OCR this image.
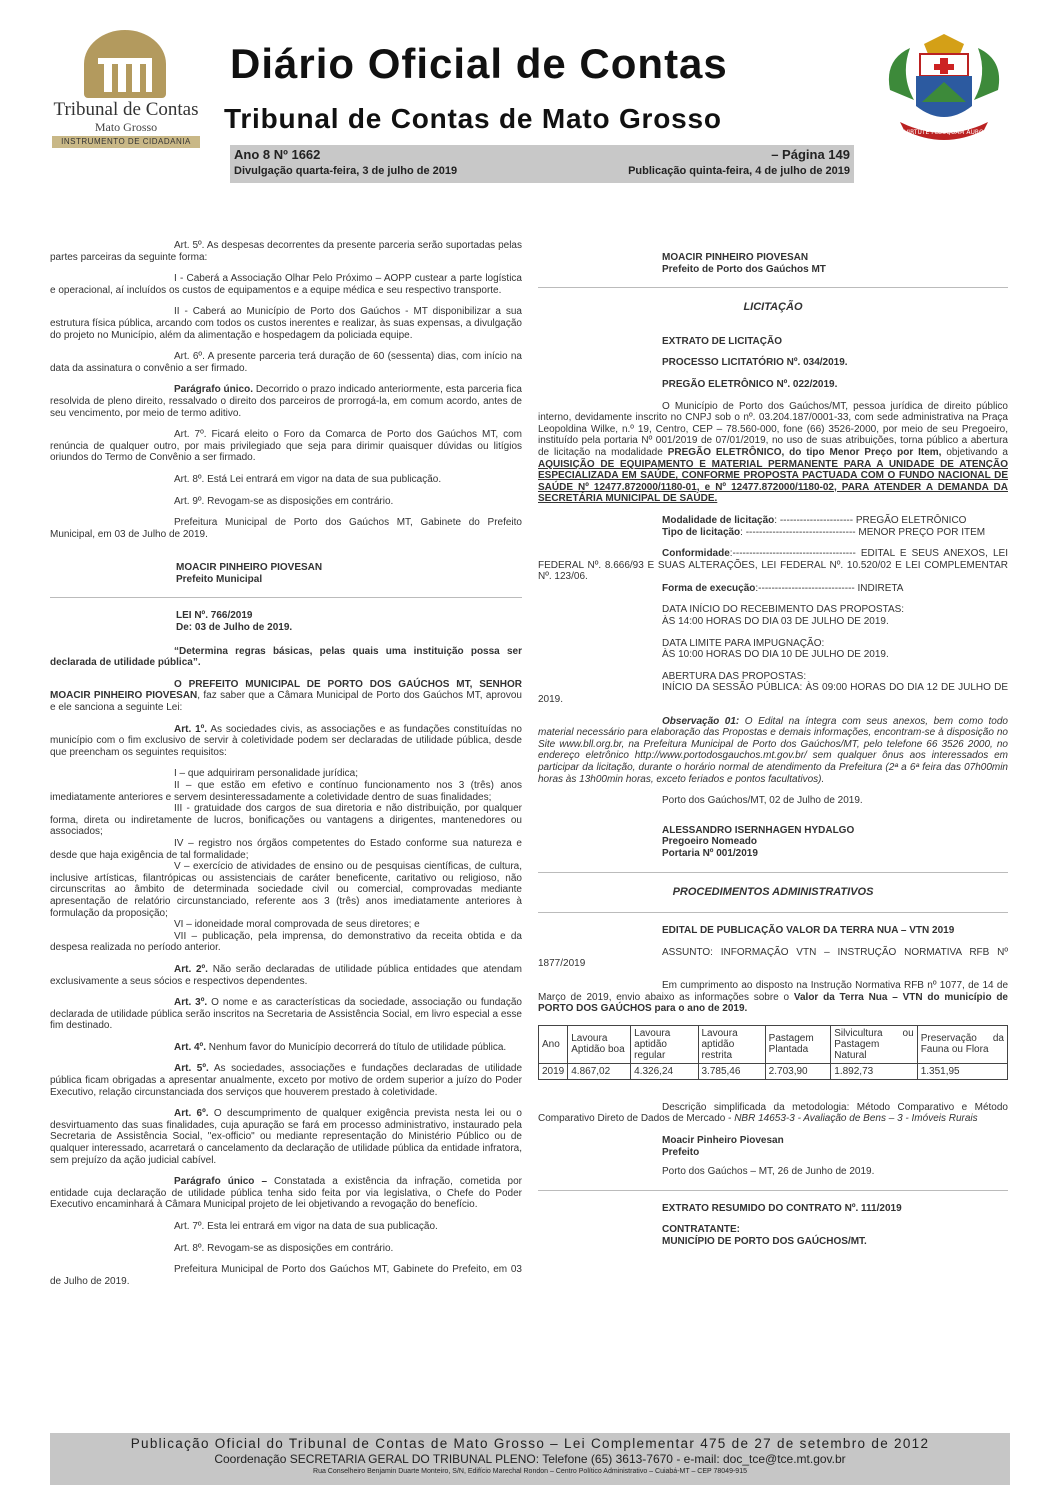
Tribunal de Contas
Mato Grosso
INSTRUMENTO DE CIDADANIA
Diário Oficial de Contas
Tribunal de Contas de Mato Grosso	VIRTUTE PLUSQUAM AURO
Ano 8 Nº 1662	– Página 149
Divulgação quarta-feira, 3 de julho de 2019	Publicação quinta-feira, 4 de julho de 2019

Art. 5º. As despesas decorrentes da presente parceria serão suportadas pelas partes parceiras da seguinte forma:

I - Caberá a Associação Olhar Pelo Próximo – AOPP custear a parte logística e operacional, aí incluídos os custos de equipamentos e a equipe médica e seu respectivo transporte.

II - Caberá ao Município de Porto dos Gaúchos - MT disponibilizar a sua estrutura física pública, arcando com todos os custos inerentes e realizar, às suas expensas, a divulgação do projeto no Município, além da alimentação e hospedagem da policiada equipe.

Art. 6º. A presente parceria terá duração de 60 (sessenta) dias, com início na data da assinatura o convênio a ser firmado.

Parágrafo único. Decorrido o prazo indicado anteriormente, esta parceria fica resolvida de pleno direito, ressalvado o direito dos parceiros de prorrogá-la, em comum acordo, antes de seu vencimento, por meio de termo aditivo.

Art. 7º. Ficará eleito o Foro da Comarca de Porto dos Gaúchos MT, com renúncia de qualquer outro, por mais privilegiado que seja para dirimir quaisquer dúvidas ou litígios oriundos do Termo de Convênio a ser firmado.

Art. 8º. Está Lei entrará em vigor na data de sua publicação.

Art. 9º. Revogam-se as disposições em contrário.

Prefeitura Municipal de Porto dos Gaúchos MT, Gabinete do Prefeito Municipal, em 03 de Julho de 2019.

MOACIR PINHEIRO PIOVESAN
Prefeito Municipal
LEI Nº. 766/2019
De: 03 de Julho de 2019.

“Determina regras básicas, pelas quais uma instituição possa ser declarada de utilidade pública”.

O PREFEITO MUNICIPAL DE PORTO DOS GAÚCHOS MT, SENHOR MOACIR PINHEIRO PIOVESAN, faz saber que a Câmara Municipal de Porto dos Gaúchos MT, aprovou e ele sanciona a seguinte Lei:

Art. 1º. As sociedades civis, as associações e as fundações constituídas no município com o fim exclusivo de servir à coletividade podem ser declaradas de utilidade pública, desde que preencham os seguintes requisitos:

I – que adquiriram personalidade jurídica;
II – que estão em efetivo e contínuo funcionamento nos 3 (três) anos imediatamente anteriores e servem desinteressadamente a coletividade dentro de suas finalidades;
III - gratuidade dos cargos de sua diretoria e não distribuição, por qualquer forma, direta ou indiretamente de lucros, bonificações ou vantagens a dirigentes, mantenedores ou associados;
IV – registro nos órgãos competentes do Estado conforme sua natureza e desde que haja exigência de tal formalidade;
V – exercício de atividades de ensino ou de pesquisas científicas, de cultura, inclusive artísticas, filantrópicas ou assistenciais de caráter beneficente, caritativo ou religioso, não circunscritas ao âmbito de determinada sociedade civil ou comercial, comprovadas mediante apresentação de relatório circunstanciado, referente aos 3 (três) anos imediatamente anteriores à formulação da proposição;
VI – idoneidade moral comprovada de seus diretores; e

VII – publicação, pela imprensa, do demonstrativo da receita obtida e da despesa realizada no período anterior.

Art. 2º. Não serão declaradas de utilidade pública entidades que atendam exclusivamente a seus sócios e respectivos dependentes.

Art. 3º. O nome e as características da sociedade, associação ou fundação declarada de utilidade pública serão inscritos na Secretaria de Assistência Social, em livro especial a esse fim destinado.

Art. 4º. Nenhum favor do Município decorrerá do título de utilidade pública.

Art. 5º. As sociedades, associações e fundações declaradas de utilidade pública ficam obrigadas a apresentar anualmente, exceto por motivo de ordem superior a juízo do Poder Executivo, relação circunstanciada dos serviços que houverem prestado à coletividade.

Art. 6º. O descumprimento de qualquer exigência prevista nesta lei ou o desvirtuamento das suas finalidades, cuja apuração se fará em processo administrativo, instaurado pela Secretaria de Assistência Social, "ex-officio" ou mediante representação do Ministério Público ou de qualquer interessado, acarretará o cancelamento da declaração de utilidade pública da entidade infratora, sem prejuízo da ação judicial cabível.

Parágrafo único – Constatada a existência da infração, cometida por entidade cuja declaração de utilidade pública tenha sido feita por via legislativa, o Chefe do Poder Executivo encaminhará à Câmara Municipal projeto de lei objetivando a revogação do benefício.

Art. 7º. Esta lei entrará em vigor na data de sua publicação.

Art. 8º. Revogam-se as disposições em contrário.

Prefeitura Municipal de Porto dos Gaúchos MT, Gabinete do Prefeito, em 03 de Julho de 2019.

MOACIR PINHEIRO PIOVESAN
Prefeito de Porto dos Gaúchos MT
LICITAÇÃO

EXTRATO DE LICITAÇÃO

PROCESSO LICITATÓRIO Nº. 034/2019.

PREGÃO ELETRÔNICO Nº. 022/2019.

O Município de Porto dos Gaúchos/MT, pessoa jurídica de direito público interno, devidamente inscrito no CNPJ sob o nº. 03.204.187/0001-33, com sede administrativa na Praça Leopoldina Wilke, n.º 19, Centro, CEP – 78.560-000, fone (66) 3526-2000, por meio de seu Pregoeiro, instituído pela portaria Nº 001/2019 de 07/01/2019, no uso de suas atribuições, torna público a abertura de licitação na modalidade PREGÃO ELETRÔNICO, do tipo Menor Preço por Item, objetivando a AQUISIÇÃO DE EQUIPAMENTO E MATERIAL PERMANENTE PARA A UNIDADE DE ATENÇÃO ESPECIALIZADA EM SAÚDE, CONFORME PROPOSTA PACTUADA COM O FUNDO NACIONAL DE SAÚDE Nº 12477.872000/1180-01, e Nº 12477.872000/1180-02, PARA ATENDER A DEMANDA DA SECRETÁRIA MUNICIPAL DE SAÚDE.

Modalidade de licitação: ---------------------- PREGÃO ELETRÔNICO

Tipo de licitação: --------------------------------- MENOR PREÇO POR ITEM

Conformidade:------------------------------------- EDITAL E SEUS ANEXOS, LEI FEDERAL Nº. 8.666/93 E SUAS ALTERAÇÕES, LEI FEDERAL Nº. 10.520/02 E LEI COMPLEMENTAR Nº. 123/06.

Forma de execução:----------------------------- INDIRETA

DATA INÍCIO DO RECEBIMENTO DAS PROPOSTAS:
ÀS 14:00 HORAS DO DIA 03 DE JULHO DE 2019.

DATA LIMITE PARA IMPUGNAÇÃO:
ÀS 10:00 HORAS DO DIA 10 DE JULHO DE 2019.

ABERTURA DAS PROPOSTAS:

INÍCIO DA SESSÃO PÚBLICA: ÀS 09:00 HORAS DO DIA 12 DE JULHO DE 2019.

Observação 01: O Edital na íntegra com seus anexos, bem como todo material necessário para elaboração das Propostas e demais informações, encontram-se à disposição no Site www.bll.org.br, na Prefeitura Municipal de Porto dos Gaúchos/MT, pelo telefone 66 3526 2000, no endereço eletrônico http://www.portodosgauchos.mt.gov.br/ sem qualquer ônus aos interessados em participar da licitação, durante o horário normal de atendimento da Prefeitura (2ª a 6ª feira das 07h00min horas às 13h00min horas, exceto feriados e pontos facultativos).

Porto dos Gaúchos/MT, 02 de Julho de 2019.

ALESSANDRO ISERNHAGEN HYDALGO
Pregoeiro Nomeado
Portaria Nº 001/2019
PROCEDIMENTOS ADMINISTRATIVOS

EDITAL DE PUBLICAÇÃO VALOR DA TERRA NUA – VTN 2019

ASSUNTO: INFORMAÇÃO VTN – INSTRUÇÃO NORMATIVA RFB Nº 1877/2019

Em cumprimento ao disposto na Instrução Normativa RFB nº 1077, de 14 de Março de 2019, envio abaixo as informações sobre o Valor da Terra Nua – VTN do município de PORTO DOS GAÚCHOS para o ano de 2019.

Ano	Lavoura Aptidão boa	Lavoura aptidão regular	Lavoura aptidão restrita	Pastagem Plantada	Silvicultura ou Pastagem Natural	Preservação da Fauna ou Flora
2019	4.867,02	4.326,24	3.785,46	2.703,90	1.892,73	1.351,95

Descrição simplificada da metodologia: Método Comparativo e Método Comparativo Direto de Dados de Mercado - NBR 14653-3 - Avaliação de Bens – 3 - Imóveis Rurais

Moacir Pinheiro Piovesan
Prefeito

Porto dos Gaúchos – MT, 26 de Junho de 2019.

EXTRATO RESUMIDO DO CONTRATO Nº. 111/2019

CONTRATANTE:
MUNICÍPIO DE PORTO DOS GAÚCHOS/MT.
Publicação Oficial do Tribunal de Contas de Mato Grosso – Lei Complementar 475 de 27 de setembro de 2012
Coordenação SECRETARIA GERAL DO TRIBUNAL PLENO: Telefone (65) 3613-7670 - e-mail: doc_tce@tce.mt.gov.br
Rua Conselheiro Benjamin Duarte Monteiro, S/N, Edifício Marechal Rondon – Centro Político Administrativo – Cuiabá-MT – CEP 78049-915
